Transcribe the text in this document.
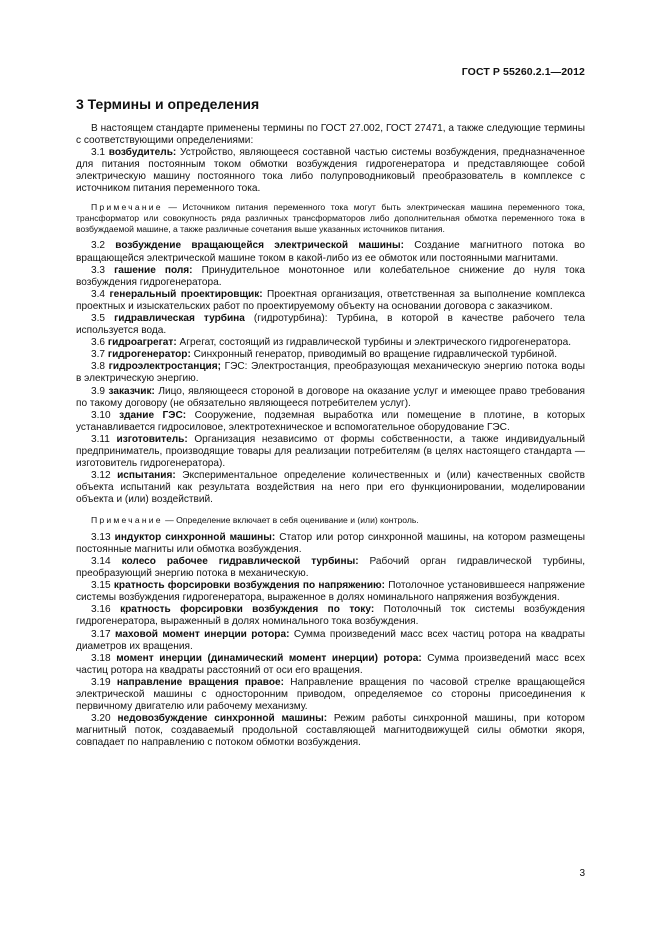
ГОСТ Р 55260.2.1—2012
3 Термины и определения

В настоящем стандарте применены термины по ГОСТ 27.002, ГОСТ 27471, а также следующие термины с соответствующими определениями:

3.1 возбудитель: Устройство, являющееся составной частью системы возбуждения, предназначенное для питания постоянным током обмотки возбуждения гидрогенератора и представляющее собой электрическую машину постоянного тока либо полупроводниковый преобразователь в комплексе с источником питания переменного тока.

Примечание — Источником питания переменного тока могут быть электрическая машина переменного тока, трансформатор или совокупность ряда различных трансформаторов либо дополнительная обмотка переменного тока в возбуждаемой машине, а также различные сочетания выше указанных источников питания.

3.2 возбуждение вращающейся электрической машины: Создание магнитного потока во вращающейся электрической машине током в какой-либо из ее обмоток или постоянными магнитами.

3.3 гашение поля: Принудительное монотонное или колебательное снижение до нуля тока возбуждения гидрогенератора.

3.4 генеральный проектировщик: Проектная организация, ответственная за выполнение комплекса проектных и изыскательских работ по проектируемому объекту на основании договора с заказчиком.

3.5 гидравлическая турбина (гидротурбина): Турбина, в которой в качестве рабочего тела используется вода.

3.6 гидроагрегат: Агрегат, состоящий из гидравлической турбины и электрического гидрогенератора.

3.7 гидрогенератор: Синхронный генератор, приводимый во вращение гидравлической турбиной.

3.8 гидроэлектростанция; ГЭС: Электростанция, преобразующая механическую энергию потока воды в электрическую энергию.

3.9 заказчик: Лицо, являющееся стороной в договоре на оказание услуг и имеющее право требования по такому договору (не обязательно являющееся потребителем услуг).

3.10 здание ГЭС: Сооружение, подземная выработка или помещение в плотине, в которых устанавливается гидросиловое, электротехническое и вспомогательное оборудование ГЭС.

3.11 изготовитель: Организация независимо от формы собственности, а также индивидуальный предприниматель, производящие товары для реализации потребителям (в целях настоящего стандарта — изготовитель гидрогенератора).

3.12 испытания: Экспериментальное определение количественных и (или) качественных свойств объекта испытаний как результата воздействия на него при его функционировании, моделировании объекта и (или) воздействий.

Примечание — Определение включает в себя оценивание и (или) контроль.

3.13 индуктор синхронной машины: Статор или ротор синхронной машины, на котором размещены постоянные магниты или обмотка возбуждения.

3.14 колесо рабочее гидравлической турбины: Рабочий орган гидравлической турбины, преобразующий энергию потока в механическую.

3.15 кратность форсировки возбуждения по напряжению: Потолочное установившееся напряжение системы возбуждения гидрогенератора, выраженное в долях номинального напряжения возбуждения.

3.16 кратность форсировки возбуждения по току: Потолочный ток системы возбуждения гидрогенератора, выраженный в долях номинального тока возбуждения.

3.17 маховой момент инерции ротора: Сумма произведений масс всех частиц ротора на квадраты диаметров их вращения.

3.18 момент инерции (динамический момент инерции) ротора: Сумма произведений масс всех частиц ротора на квадраты расстояний от оси его вращения.

3.19 направление вращения правое: Направление вращения по часовой стрелке вращающейся электрической машины с односторонним приводом, определяемое со стороны присоединения к первичному двигателю или рабочему механизму.

3.20 недовозбуждение синхронной машины: Режим работы синхронной машины, при котором магнитный поток, создаваемый продольной составляющей магнитодвижущей силы обмотки якоря, совпадает по направлению с потоком обмотки возбуждения.

3
